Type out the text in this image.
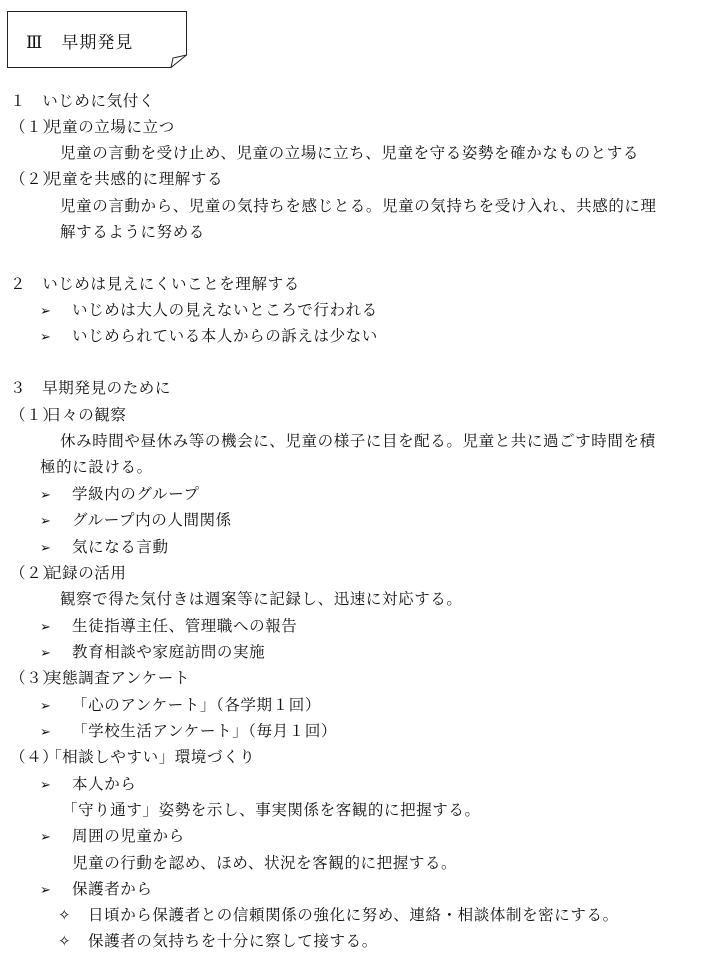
Ⅲ　早期発見
１　いじめに気付く
（１）児童の立場に立つ
児童の言動を受け止め、児童の立場に立ち、児童を守る姿勢を確かなものとする
（２）児童を共感的に理解する
児童の言動から、児童の気持ちを感じとる。児童の気持ちを受け入れ、共感的に理
解するように努める
２　いじめは見えにくいことを理解する
➢ いじめは大人の見えないところで行われる
➢ いじめられている本人からの訴えは少ない
３　早期発見のために
（１）日々の観察
休み時間や昼休み等の機会に、児童の様子に目を配る。児童と共に過ごす時間を積
極的に設ける。
➢ 学級内のグループ
➢ グループ内の人間関係
➢ 気になる言動
（２）記録の活用
観察で得た気付きは週案等に記録し、迅速に対応する。
➢ 生徒指導主任、管理職への報告
➢ 教育相談や家庭訪問の実施
（３）実態調査アンケート
➢ 「心のアンケート」（各学期１回）
➢ 「学校生活アンケート」（毎月１回）
（４）「相談しやすい」環境づくり
➢ 本人から
「守り通す」姿勢を示し、事実関係を客観的に把握する。
➢ 周囲の児童から
児童の行動を認め、ほめ、状況を客観的に把握する。
➢ 保護者から
✧ 日頃から保護者との信頼関係の強化に努め、連絡・相談体制を密にする。
✧ 保護者の気持ちを十分に察して接する。
